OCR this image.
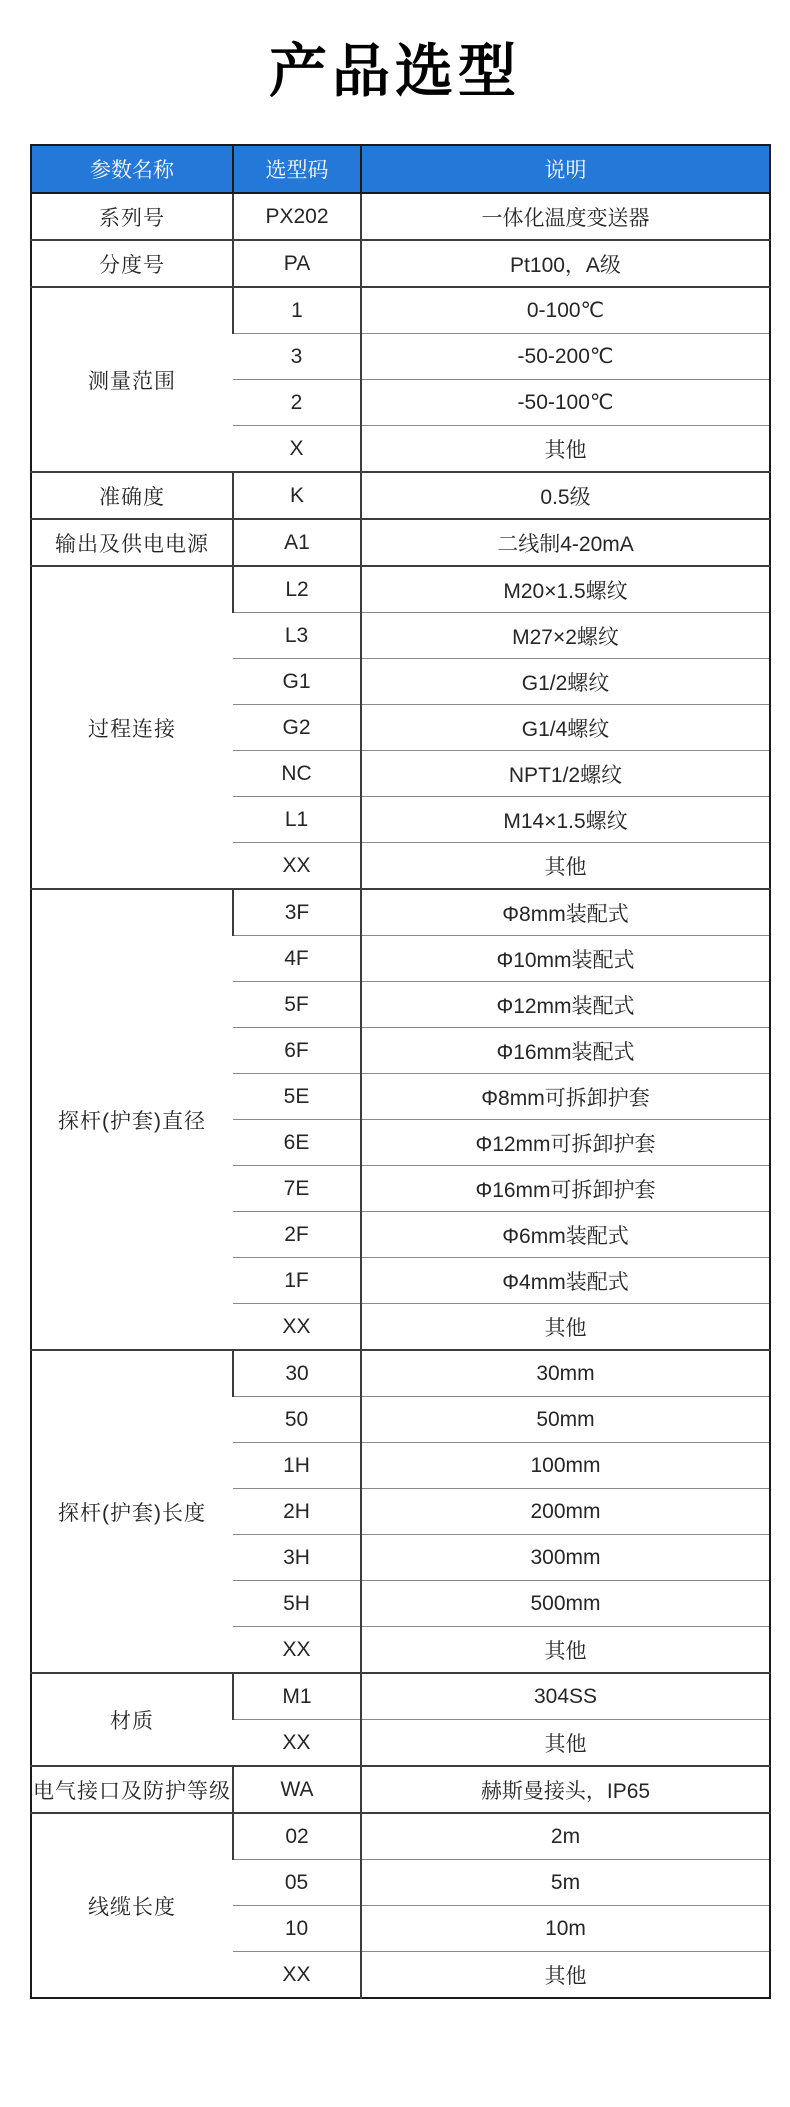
产品选型
参数名称	选型码	说明
系列号	PX202	一体化温度变送器
分度号	PA	Pt100，A级
测量范围	1	0-100℃
	3	-50-200℃
	2	-50-100℃
	X	其他
准确度	K	0.5级
输出及供电电源	A1	二线制4-20mA
过程连接	L2	M20×1.5螺纹
	L3	M27×2螺纹
	G1	G1/2螺纹
	G2	G1/4螺纹
	NC	NPT1/2螺纹
	L1	M14×1.5螺纹
	XX	其他
探杆(护套)直径	3F	Φ8mm装配式
	4F	Φ10mm装配式
	5F	Φ12mm装配式
	6F	Φ16mm装配式
	5E	Φ8mm可拆卸护套
	6E	Φ12mm可拆卸护套
	7E	Φ16mm可拆卸护套
	2F	Φ6mm装配式
	1F	Φ4mm装配式
	XX	其他
探杆(护套)长度	30	30mm
	50	50mm
	1H	100mm
	2H	200mm
	3H	300mm
	5H	500mm
	XX	其他
材质	M1	304SS
	XX	其他
电气接口及防护等级	WA	赫斯曼接头，IP65
线缆长度	02	2m
	05	5m
	10	10m
	XX	其他
